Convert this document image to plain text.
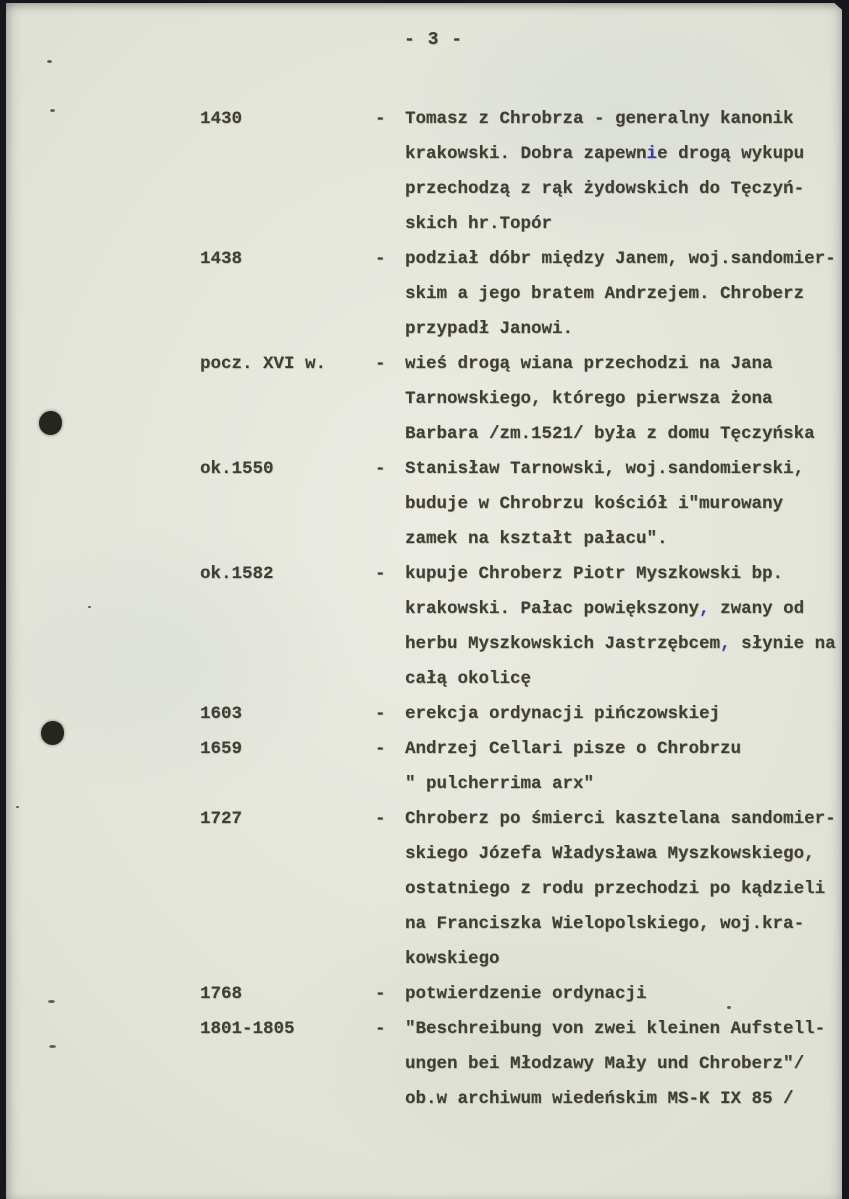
- 3 -
1430	-	Tomasz z Chrobrza - generalny kanonik
krakowski. Dobra zapewnie drogą wykupu
przechodzą z rąk żydowskich do Tęczyń-
skich hr.Topór
1438	-	podział dóbr między Janem, woj.sandomier-
skim a jego bratem Andrzejem. Chroberz
przypadł Janowi.
pocz. XVI w.	-	wieś drogą wiana przechodzi na Jana
Tarnowskiego, którego pierwsza żona
Barbara /zm.1521/ była z domu Tęczyńska
ok.1550	-	Stanisław Tarnowski, woj.sandomierski,
buduje w Chrobrzu kościół i"murowany
zamek na kształt pałacu".
ok.1582	-	kupuje Chroberz Piotr Myszkowski bp.
krakowski. Pałac powiększony, zwany od
herbu Myszkowskich Jastrzębcem, słynie na
całą okolicę
1603	-	erekcja ordynacji pińczowskiej
1659	-	Andrzej Cellari pisze o Chrobrzu
" pulcherrima arx"
1727	-	Chroberz po śmierci kasztelana sandomier-
skiego Józefa Władysława Myszkowskiego,
ostatniego z rodu przechodzi po kądzieli
na Franciszka Wielopolskiego, woj.kra-
kowskiego
1768	-	potwierdzenie ordynacji
1801-1805	-	"Beschreibung von zwei kleinen Aufstell-
ungen bei Młodzawy Mały und Chroberz"/
ob.w archiwum wiedeńskim MS-K IX 85 /
